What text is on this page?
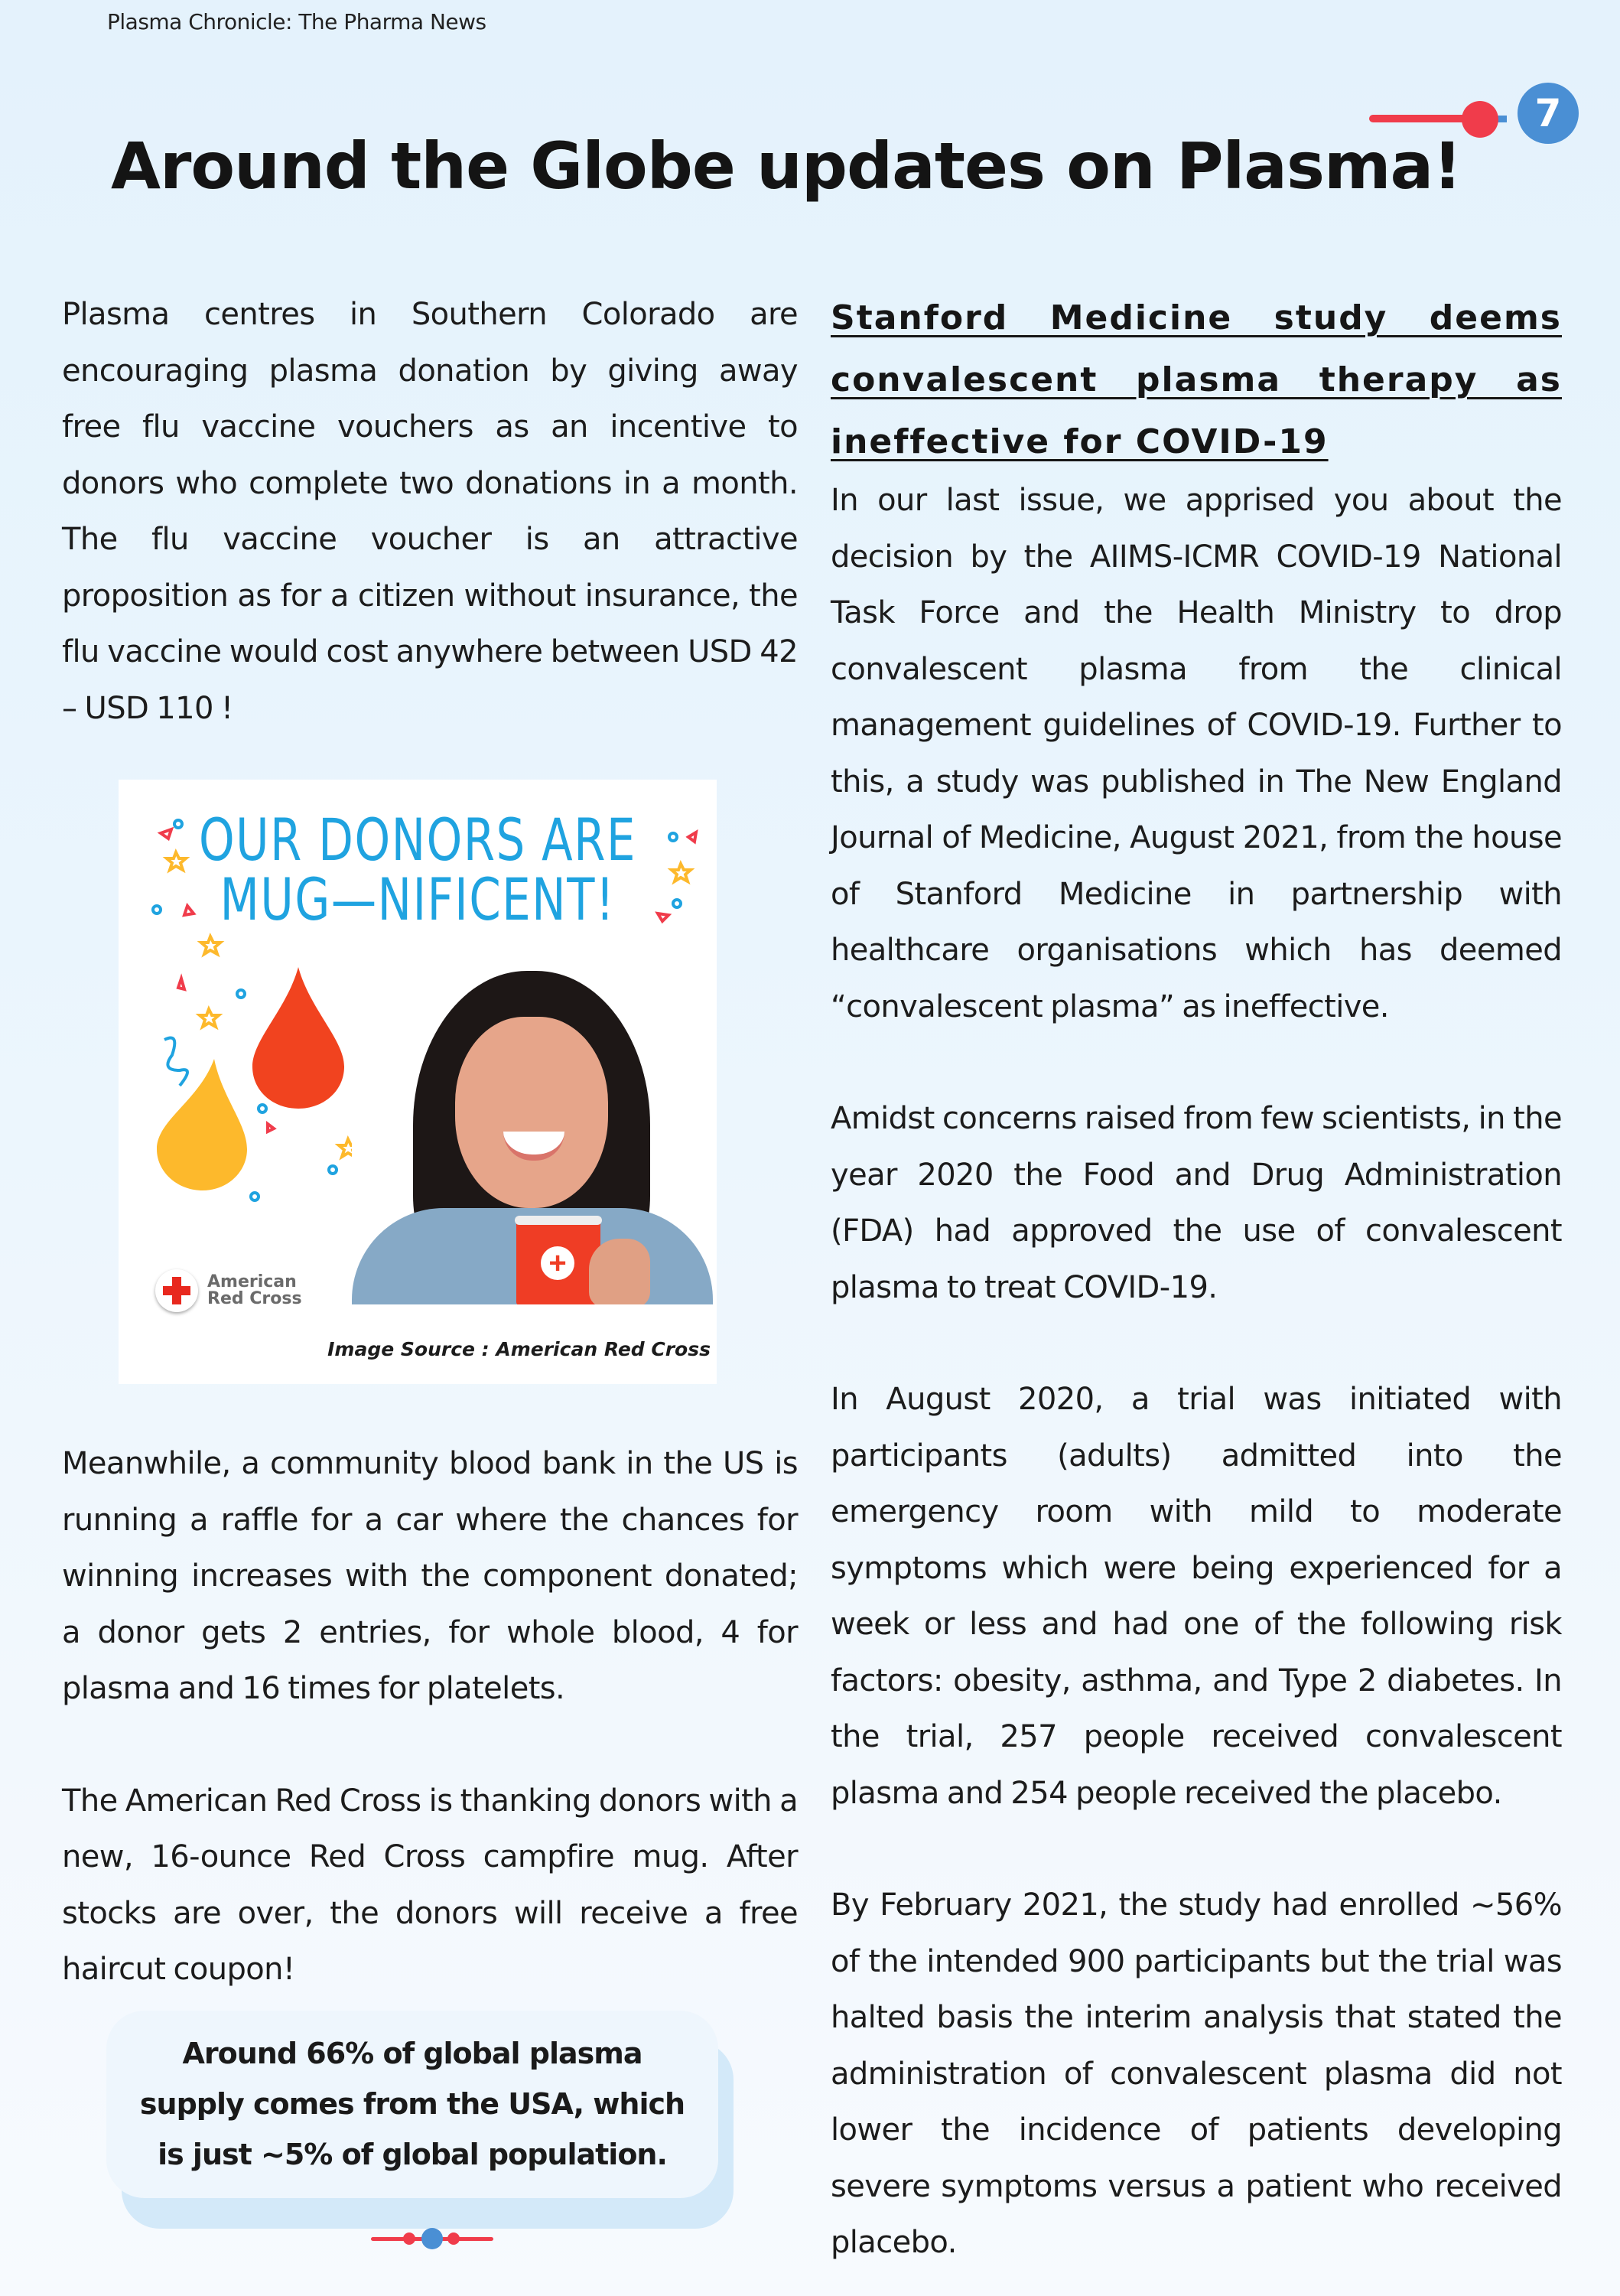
Plasma Chronicle: The Pharma News
7
Around the Globe updates on Plasma!

Plasma centres in Southern Colorado are encouraging plasma donation by giving away free flu vaccine vouchers as an incentive to donors who complete two donations in a month. The flu vaccine voucher is an attractive proposition as for a citizen without insurance, the flu vaccine would cost anywhere between USD 42 – USD 110 !

OUR DONORS ARE
MUG—NIFICENT!
+
American
Red Cross
Image Source : American Red Cross

Meanwhile, a community blood bank in the US is running a raffle for a car where the chances for winning increases with the component donated; a donor gets 2 entries, for whole blood, 4 for plasma and 16 times for platelets.

The American Red Cross is thanking donors with a new, 16-ounce Red Cross campfire mug. After stocks are over, the donors will receive a free haircut coupon!

Around 66% of global plasma supply comes from the USA, which is just ~5% of global population.

Stanford Medicine study deems convalescent plasma therapy as ineffective for COVID-19

In our last issue, we apprised you about the decision by the AIIMS-ICMR COVID-19 National Task Force and the Health Ministry to drop convalescent plasma from the clinical management guidelines of COVID-19. Further to this, a study was published in The New England Journal of Medicine, August 2021, from the house of Stanford Medicine in partnership with healthcare organisations which has deemed “convalescent plasma” as ineffective.

Amidst concerns raised from few scientists, in the year 2020 the Food and Drug Administration (FDA) had approved the use of convalescent plasma to treat COVID-19.

In August 2020, a trial was initiated with participants (adults) admitted into the emergency room with mild to moderate symptoms which were being experienced for a week or less and had one of the following risk factors: obesity, asthma, and Type 2 diabetes. In the trial, 257 people received convalescent plasma and 254 people received the placebo.

By February 2021, the study had enrolled ~56% of the intended 900 participants but the trial was halted basis the interim analysis that stated the administration of convalescent plasma did not lower the incidence of patients developing severe symptoms versus a patient who received placebo.
